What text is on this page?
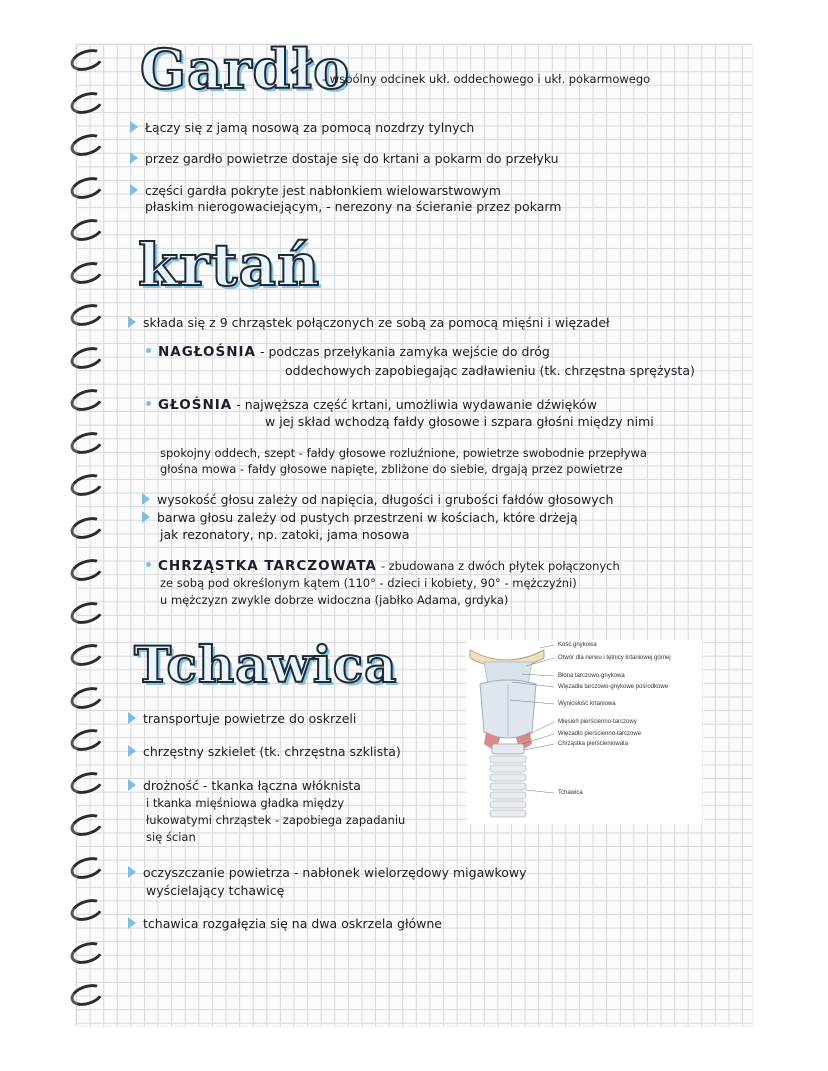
Gardło
- wspólny odcinek ukł. oddechowego i ukł. pokarmowego
Łączy się z jamą nosową za pomocą nozdrzy tylnych
przez gardło powietrze dostaje się do krtani a pokarm do przełyku
części gardła pokryte jest nabłonkiem wielowarstwowym
płaskim nierogowaciejącym, - nerezony na ścieranie przez pokarm
krtań
składa się z 9 chrząstek połączonych ze sobą za pomocą mięśni i więzadeł
NAGŁOŚNIA - podczas przełykania zamyka wejście do dróg
oddechowych zapobiegając zadławieniu (tk. chrzęstna sprężysta)
GŁOŚNIA - najwęższa część krtani, umożliwia wydawanie dźwięków
w jej skład wchodzą fałdy głosowe i szpara głośni między nimi
spokojny oddech, szept - fałdy głosowe rozluźnione, powietrze swobodnie przepływa
głośna mowa - fałdy głosowe napięte, zbliżone do siebie, drgają przez powietrze
wysokość głosu zależy od napięcia, długości i grubości fałdów głosowych
barwa głosu zależy od pustych przestrzeni w kościach, które drżeją
jak rezonatory, np. zatoki, jama nosowa
CHRZĄSTKA TARCZOWATA - zbudowana z dwóch płytek połączonych
ze sobą pod określonym kątem (110° - dzieci i kobiety, 90° - mężczyźni)
u mężczyzn zwykle dobrze widoczna (jabłko Adama, grdyka)
Tchawica
transportuje powietrze do oskrzeli
chrzęstny szkielet (tk. chrzęstna szklista)
drożność - tkanka łączna włóknista
i tkanka mięśniowa gładka między
łukowatymi chrząstek - zapobiega zapadaniu
się ścian
oczyszczanie powietrza - nabłonek wielorzędowy migawkowy
wyścielający tchawicę
tchawica rozgałęzia się na dwa oskrzela główne
Kość gnykowa
Otwór dla nerwu i tętnicy krtaniowej górnej
Błona tarczowo-gnykowa
Więzadła tarczowo-gnykowe pośrodkowe
Wyniosłość krtaniowa
Mięsień pierścienno-tarczowy
Więzadło pierścienno-tarczowe
Chrząstka pierścieniowata
Tchawica
